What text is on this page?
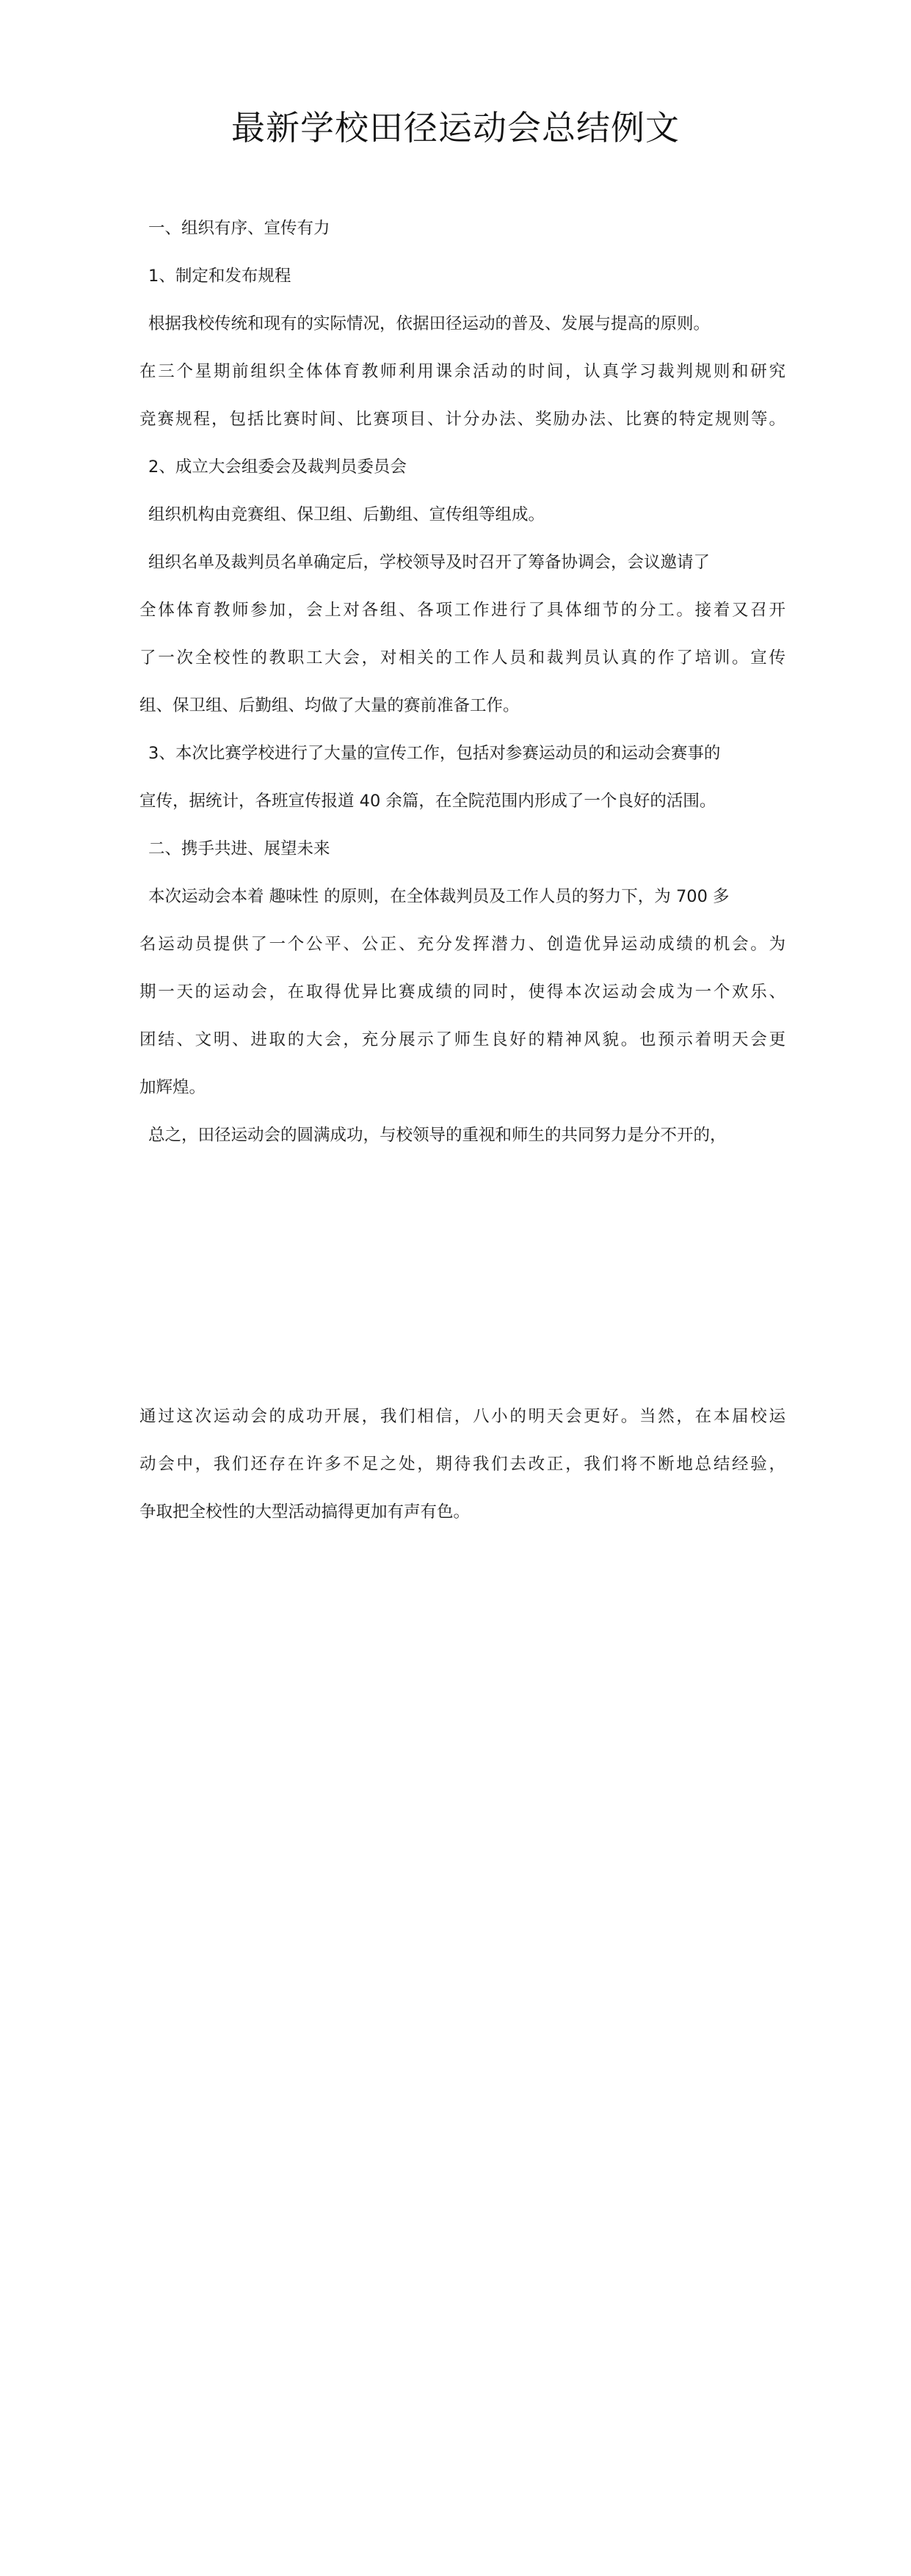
最新学校田径运动会总结例文
一、组织有序、宣传有力
1、制定和发布规程
根据我校传统和现有的实际情况，依据田径运动的普及、发展与提高的原则。
在三个星期前组织全体体育教师利用课余活动的时间，认真学习裁判规则和研究
竞赛规程，包括比赛时间、比赛项目、计分办法、奖励办法、比赛的特定规则等。
2、成立大会组委会及裁判员委员会
组织机构由竞赛组、保卫组、后勤组、宣传组等组成。
组织名单及裁判员名单确定后，学校领导及时召开了筹备协调会，会议邀请了
全体体育教师参加，会上对各组、各项工作进行了具体细节的分工。接着又召开
了一次全校性的教职工大会，对相关的工作人员和裁判员认真的作了培训。宣传
组、保卫组、后勤组、均做了大量的赛前准备工作。
3、本次比赛学校进行了大量的宣传工作，包括对参赛运动员的和运动会赛事的
宣传，据统计，各班宣传报道 40 余篇，在全院范围内形成了一个良好的活围。
二、携手共进、展望未来
本次运动会本着 趣味性 的原则，在全体裁判员及工作人员的努力下，为 700 多
名运动员提供了一个公平、公正、充分发挥潜力、创造优异运动成绩的机会。为
期一天的运动会，在取得优异比赛成绩的同时，使得本次运动会成为一个欢乐、
团结、文明、进取的大会，充分展示了师生良好的精神风貌。也预示着明天会更
加辉煌。
总之，田径运动会的圆满成功，与校领导的重视和师生的共同努力是分不开的，
通过这次运动会的成功开展，我们相信，八小的明天会更好。当然，在本届校运
动会中，我们还存在许多不足之处，期待我们去改正，我们将不断地总结经验，
争取把全校性的大型活动搞得更加有声有色。
